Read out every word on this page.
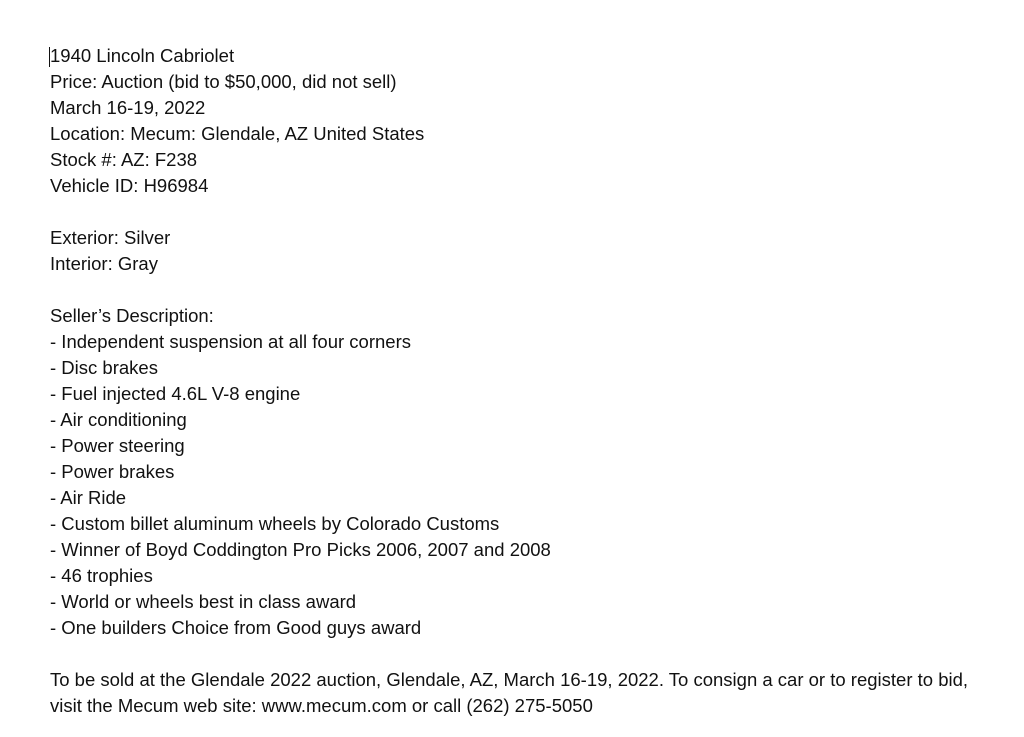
1940 Lincoln Cabriolet
Price: Auction (bid to $50,000, did not sell)
March 16-19, 2022
Location: Mecum: Glendale, AZ United States
Stock #: AZ: F238
Vehicle ID: H96984
Exterior: Silver
Interior: Gray
Seller’s Description:
- Independent suspension at all four corners
- Disc brakes
- Fuel injected 4.6L V-8 engine
- Air conditioning
- Power steering
- Power brakes
- Air Ride
- Custom billet aluminum wheels by Colorado Customs
- Winner of Boyd Coddington Pro Picks 2006, 2007 and 2008
- 46 trophies
- World or wheels best in class award
- One builders Choice from Good guys award
To be sold at the Glendale 2022 auction, Glendale, AZ, March 16-19, 2022. To consign a car or to register to bid, visit the Mecum web site: www.mecum.com or call (262) 275-5050
